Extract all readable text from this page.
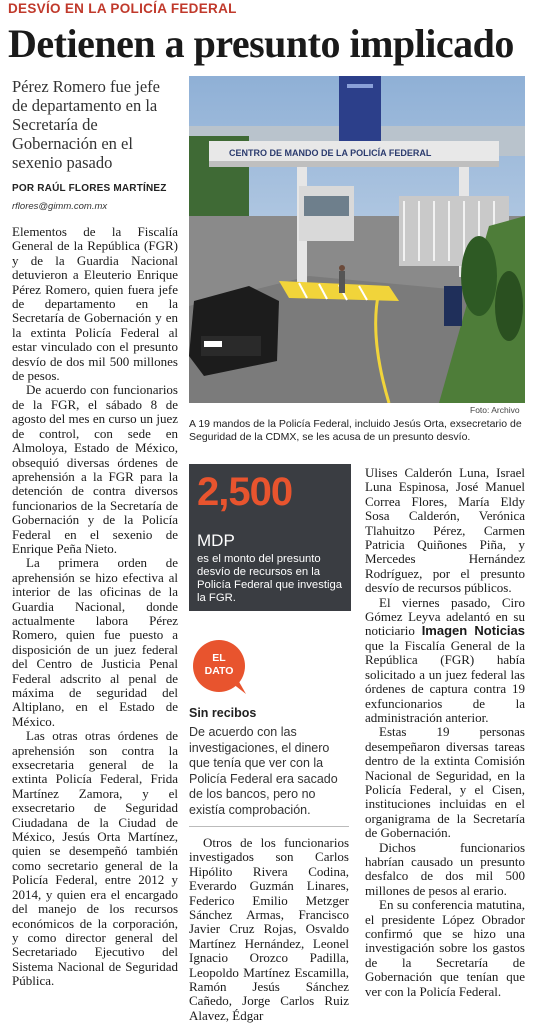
DESVÍO EN LA POLICÍA FEDERAL
Detienen a presunto implicado
Pérez Romero fue jefe de departamento en la Secretaría de Gobernación en el sexenio pasado
POR RAÚL FLORES MARTÍNEZ
rflores@gimm.com.mx

Elementos de la Fiscalía General de la República (FGR) y de la Guardia Nacional detuvieron a Eleuterio Enrique Pérez Romero, quien fuera jefe de departamento en la Secretaría de Gobernación y en la extinta Policía Federal al estar vinculado con el presunto desvío de dos mil 500 millones de pesos.

De acuerdo con funcionarios de la FGR, el sábado 8 de agosto del mes en curso un juez de control, con sede en Almoloya, Estado de México, obsequió diversas órdenes de aprehensión a la FGR para la detención de contra diversos funcionarios de la Secretaría de Gobernación y de la Policía Federal en el sexenio de Enrique Peña Nieto.

La primera orden de aprehensión se hizo efectiva al interior de las oficinas de la Guardia Nacional, donde actualmente labora Pérez Romero, quien fue puesto a disposición de un juez federal del Centro de Justicia Penal Federal adscrito al penal de máxima de seguridad del Altiplano, en el Estado de México.

Las otras otras órdenes de aprehensión son contra la exsecretaria general de la extinta Policía Federal, Frida Martínez Zamora, y el exsecretario de Seguridad Ciudadana de la Ciudad de México, Jesús Orta Martínez, quien se desempeñó también como secretario general de la Policía Federal, entre 2012 y 2014, y quien era el encargado del manejo de los recursos económicos de la corporación, y como director general del Secretariado Ejecutivo del Sistema Nacional de Seguridad Pública.

CENTRO DE MANDO DE LA POLICÍA FEDERAL
Foto: Archivo
A 19 mandos de la Policía Federal, incluido Jesús Orta, exsecretario de Seguridad de la CDMX, se les acusa de un presunto desvío.
2,500
MDP
es el monto del presunto desvío de recursos en la Policía Federal que investiga la FGR.
EL
DATO
Sin recibos
De acuerdo con las investigaciones, el dinero que tenía que ver con la Policía Federal era sacado de los bancos, pero no existía comprobación.

Otros de los funcionarios investigados son Carlos Hipólito Rivera Codina, Everardo Guzmán Linares, Federico Emilio Metzger Sánchez Armas, Francisco Javier Cruz Rojas, Osvaldo Martínez Hernández, Leonel Ignacio Orozco Padilla, Leopoldo Martínez Escamilla, Ramón Jesús Sánchez Cañedo, Jorge Carlos Ruiz Alavez, Édgar

Ulises Calderón Luna, Israel Luna Espinosa, José Manuel Correa Flores, María Eldy Sosa Calderón, Verónica Tlahuitzo Pérez, Carmen Patricia Quiñones Piña, y Mercedes Hernández Rodríguez, por el presunto desvío de recursos públicos.

El viernes pasado, Ciro Gómez Leyva adelantó en su noticiario Imagen Noticias que la Fiscalía General de la República (FGR) había solicitado a un juez federal las órdenes de captura contra 19 exfuncionarios de la administración anterior.

Estas 19 personas desempeñaron diversas tareas dentro de la extinta Comisión Nacional de Seguridad, en la Policía Federal, y el Cisen, instituciones incluidas en el organigrama de la Secretaría de Gobernación.

Dichos funcionarios habrían causado un presunto desfalco de dos mil 500 millones de pesos al erario.

En su conferencia matutina, el presidente López Obrador confirmó que se hizo una investigación sobre los gastos de la Secretaría de Gobernación que tenían que ver con la Policía Federal.
